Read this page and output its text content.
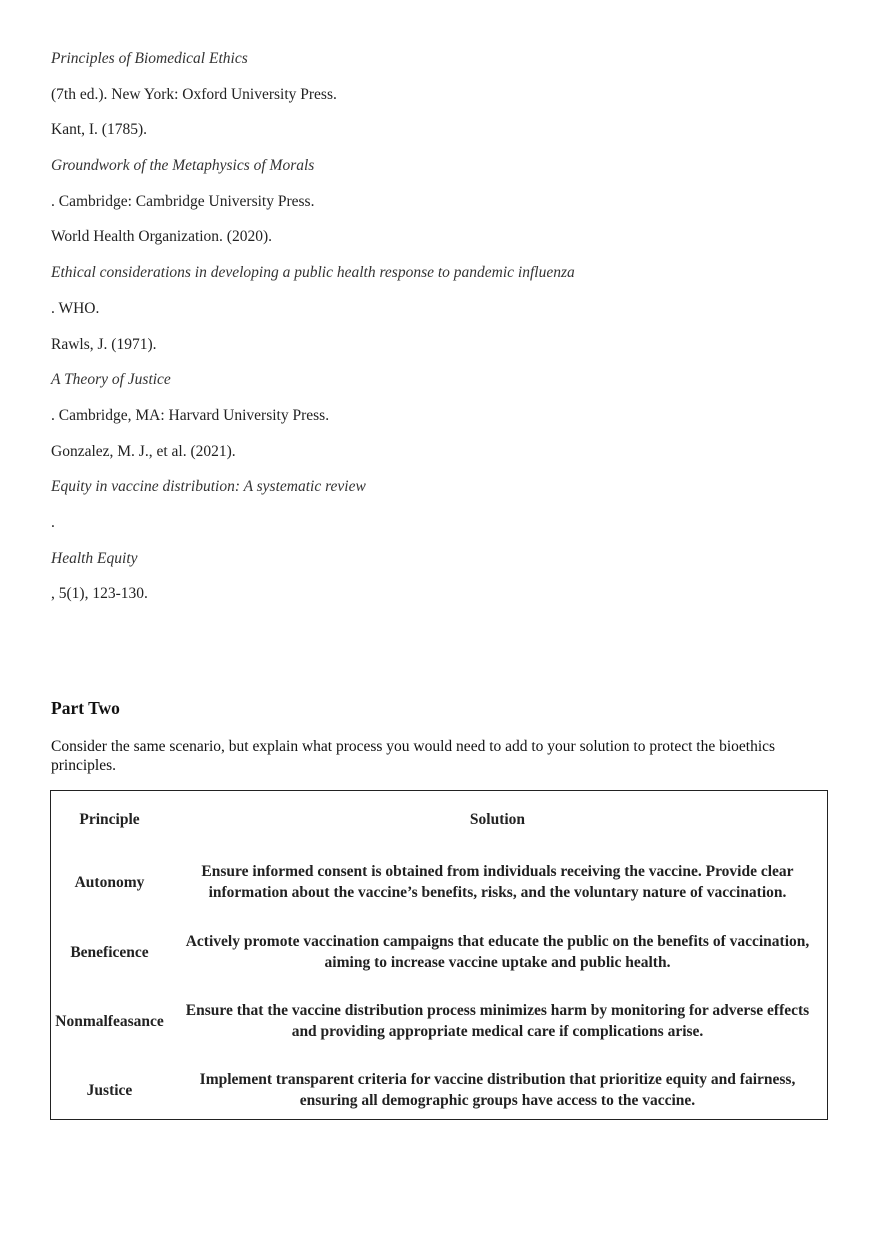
Principles of Biomedical Ethics
(7th ed.). New York: Oxford University Press.
Kant, I. (1785).
Groundwork of the Metaphysics of Morals
. Cambridge: Cambridge University Press.
World Health Organization. (2020).
Ethical considerations in developing a public health response to pandemic influenza
. WHO.
Rawls, J. (1971).
A Theory of Justice
. Cambridge, MA: Harvard University Press.
Gonzalez, M. J., et al. (2021).
Equity in vaccine distribution: A systematic review
.
Health Equity
, 5(1), 123-130.
Part Two
Consider the same scenario, but explain what process you would need to add to your solution to protect the bioethics principles.
Principle	Solution
Autonomy	Ensure informed consent is obtained from individuals receiving the vaccine. Provide clear
information about the vaccine’s benefits, risks, and the voluntary nature of vaccination.

Beneficence	Actively promote vaccination campaigns that educate the public on the benefits of vaccination,
aiming to increase vaccine uptake and public health.

Nonmalfeasance	Ensure that the vaccine distribution process minimizes harm by monitoring for adverse effects
and providing appropriate medical care if complications arise.

Justice	Implement transparent criteria for vaccine distribution that prioritize equity and fairness,
ensuring all demographic groups have access to the vaccine.
